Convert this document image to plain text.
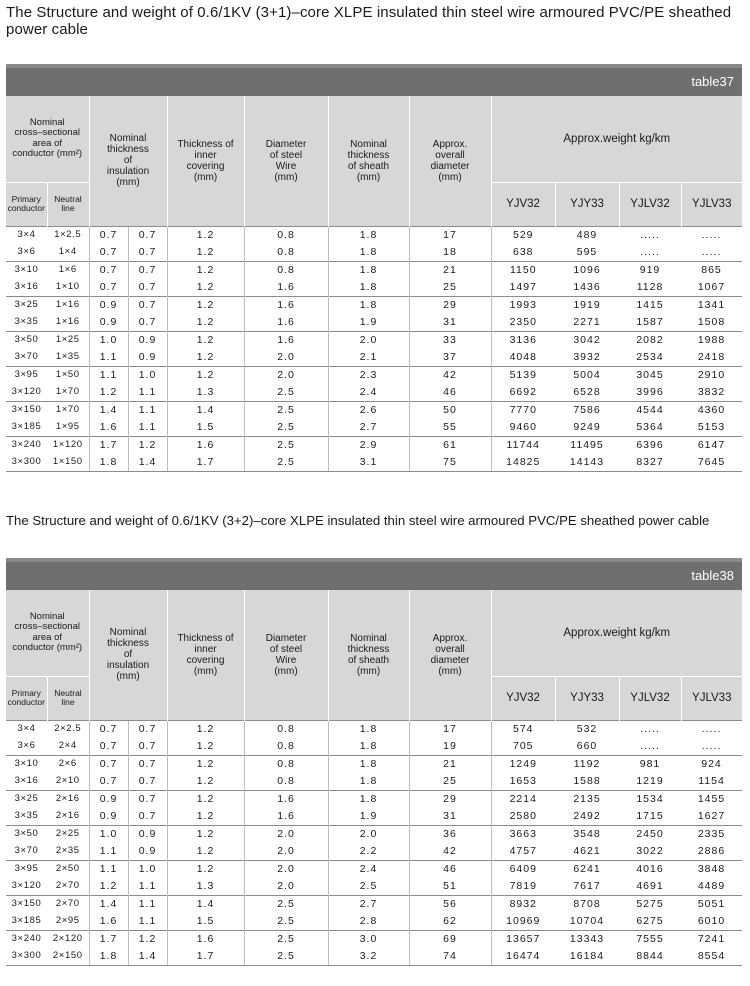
The Structure and weight of 0.6/1KV (3+1)–core XLPE insulated thin steel wire armoured PVC/PE sheathed power cable
table37
Nominal
cross–sectional
area of
conductor (mm²)		Nominal
thickness
of
insulation
(mm)		Thickness of
inner
covering
(mm)	Diameter
of steel
Wire
(mm)	Nominal
thickness
of sheath
(mm)	Approx.
overall
diameter
(mm)	Approx.weight kg/km			
Primary
conductor	Neutral
line							YJV32	YJY33	YJLV32	YJLV33
3×4	1×2.5	0.7	0.7	1.2	0.8	1.8	17	529	489	.....	.....
3×6	1×4	0.7	0.7	1.2	0.8	1.8	18	638	595	.....	.....
3×10	1×6	0.7	0.7	1.2	0.8	1.8	21	1150	1096	919	865
3×16	1×10	0.7	0.7	1.2	1.6	1.8	25	1497	1436	1128	1067
3×25	1×16	0.9	0.7	1.2	1.6	1.8	29	1993	1919	1415	1341
3×35	1×16	0.9	0.7	1.2	1.6	1.9	31	2350	2271	1587	1508
3×50	1×25	1.0	0.9	1.2	1.6	2.0	33	3136	3042	2082	1988
3×70	1×35	1.1	0.9	1.2	2.0	2.1	37	4048	3932	2534	2418
3×95	1×50	1.1	1.0	1.2	2.0	2.3	42	5139	5004	3045	2910
3×120	1×70	1.2	1.1	1.3	2.5	2.4	46	6692	6528	3996	3832
3×150	1×70	1.4	1.1	1.4	2.5	2.6	50	7770	7586	4544	4360
3×185	1×95	1.6	1.1	1.5	2.5	2.7	55	9460	9249	5364	5153
3×240	1×120	1.7	1.2	1.6	2.5	2.9	61	11744	11495	6396	6147
3×300	1×150	1.8	1.4	1.7	2.5	3.1	75	14825	14143	8327	7645
The Structure and weight of 0.6/1KV (3+2)–core XLPE insulated thin steel wire armoured PVC/PE sheathed power cable
table38
Nominal
cross–sectional
area of
conductor (mm²)		Nominal
thickness
of
insulation
(mm)		Thickness of
inner
covering
(mm)	Diameter
of steel
Wire
(mm)	Nominal
thickness
of sheath
(mm)	Approx.
overall
diameter
(mm)	Approx.weight kg/km			
Primary
conductor	Neutral
line							YJV32	YJY33	YJLV32	YJLV33
3×4	2×2.5	0.7	0.7	1.2	0.8	1.8	17	574	532	.....	.....
3×6	2×4	0.7	0.7	1.2	0.8	1.8	19	705	660	.....	.....
3×10	2×6	0.7	0.7	1.2	0.8	1.8	21	1249	1192	981	924
3×16	2×10	0.7	0.7	1.2	0.8	1.8	25	1653	1588	1219	1154
3×25	2×16	0.9	0.7	1.2	1.6	1.8	29	2214	2135	1534	1455
3×35	2×16	0.9	0.7	1.2	1.6	1.9	31	2580	2492	1715	1627
3×50	2×25	1.0	0.9	1.2	2.0	2.0	36	3663	3548	2450	2335
3×70	2×35	1.1	0.9	1.2	2.0	2.2	42	4757	4621	3022	2886
3×95	2×50	1.1	1.0	1.2	2.0	2.4	46	6409	6241	4016	3848
3×120	2×70	1.2	1.1	1.3	2.0	2.5	51	7819	7617	4691	4489
3×150	2×70	1.4	1.1	1.4	2.5	2.7	56	8932	8708	5275	5051
3×185	2×95	1.6	1.1	1.5	2.5	2.8	62	10969	10704	6275	6010
3×240	2×120	1.7	1.2	1.6	2.5	3.0	69	13657	13343	7555	7241
3×300	2×150	1.8	1.4	1.7	2.5	3.2	74	16474	16184	8844	8554
